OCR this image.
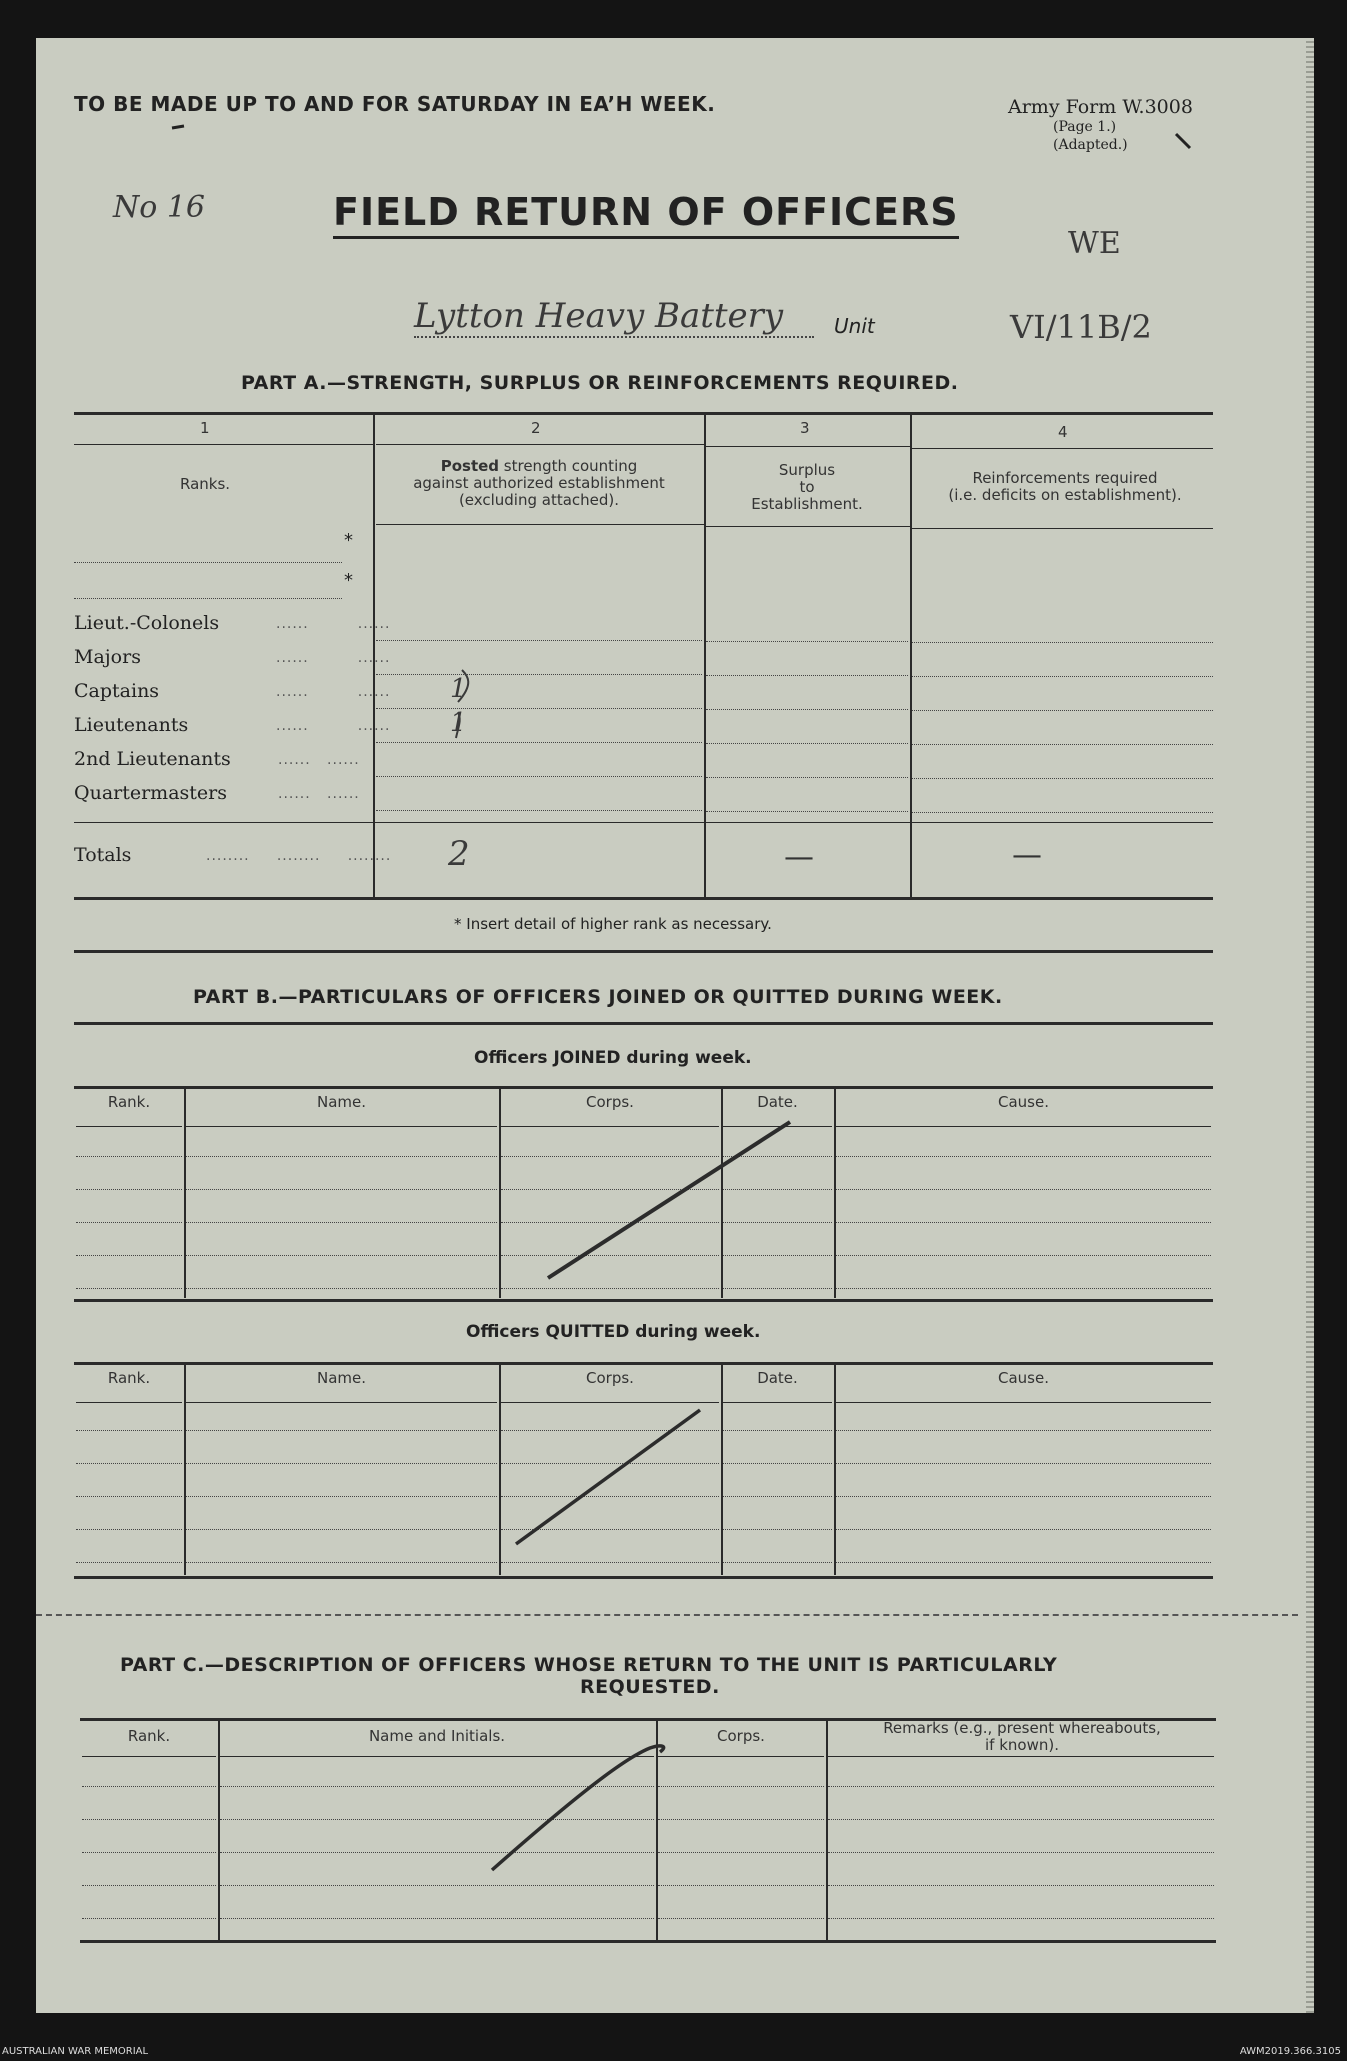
TO BE MADE UP TO AND FOR SATURDAY IN EA’H WEEK.	Army Form W.3008
(Page 1.)
(Adapted.)
No 16	FIELD RETURN OF OFFICERS
WE
Lytton Heavy Battery	Unit	VI/11B/2
PART A.—STRENGTH, SURPLUS OR REINFORCEMENTS REQUIRED.
1	2	3	4
Ranks.
Posted strength counting
against authorized establishment
(excluding attached).
Surplus
to
Establishment.
Reinforcements required
(i.e. deficits on establishment).
*
*
Lieut.-Colonels	......         ......
Majors	......         ......
Captains	......         ...... 1
Lieutenants	......         ...... 1
2nd Lieutenants	......   ......
Quartermasters	......   ......
Totals	........     ........     ........ 2	—	—
* Insert detail of higher rank as necessary.
PART B.—PARTICULARS OF OFFICERS JOINED OR QUITTED DURING WEEK.
Officers JOINED during week.
Rank.	Name.	Corps.	Date.	Cause.
Officers QUITTED during week.
Rank.	Name.	Corps.	Date.	Cause.
PART C.—DESCRIPTION OF OFFICERS WHOSE RETURN TO THE UNIT IS PARTICULARLY
REQUESTED.
Rank.	Name and Initials.	Corps.	Remarks (e.g., present whereabouts,
if known).
AUSTRALIAN WAR MEMORIAL	AWM2019.366.3105
